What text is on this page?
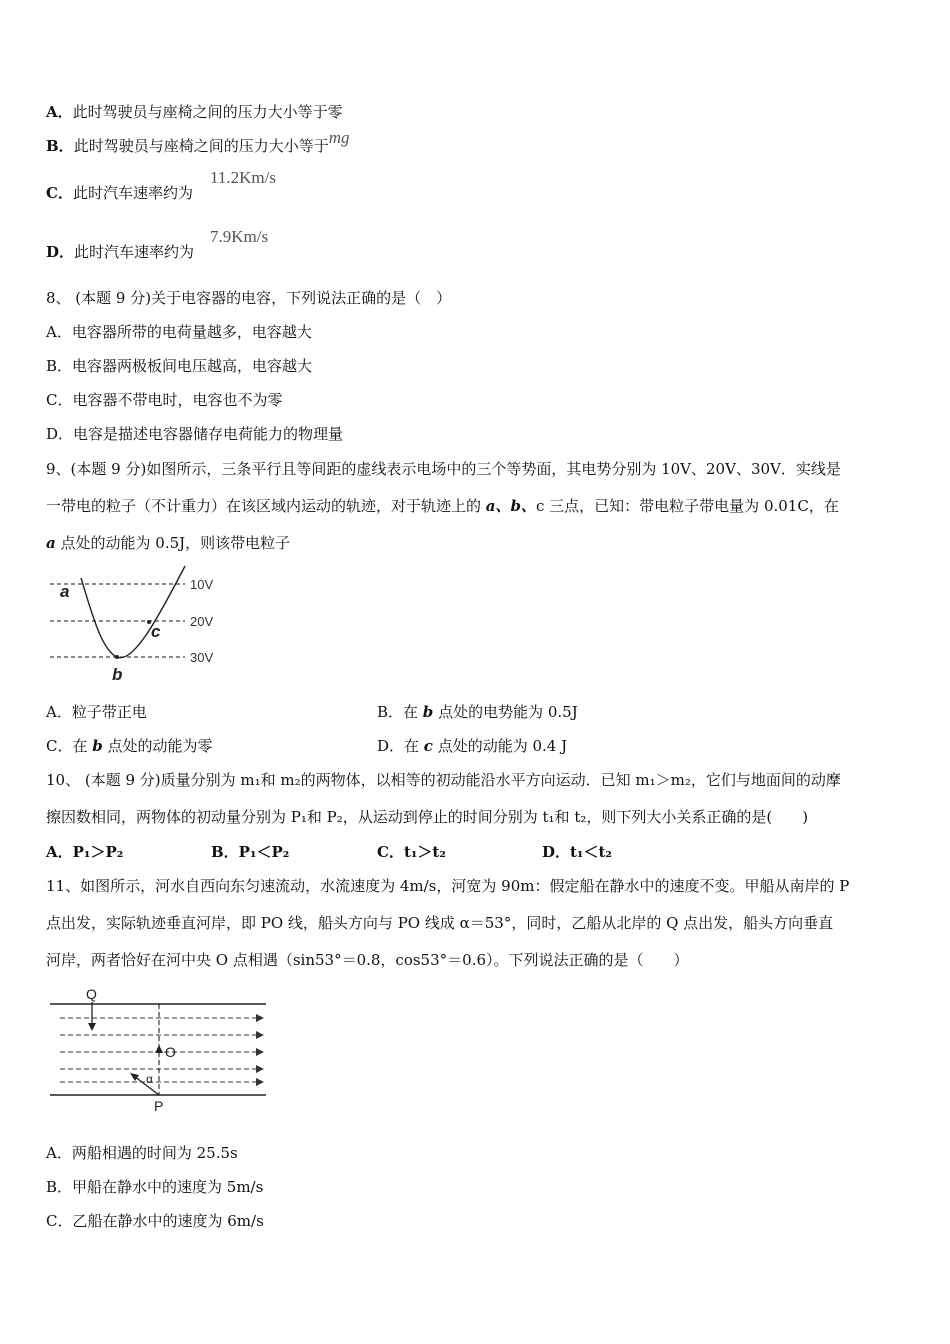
A．此时驾驶员与座椅之间的压力大小等于零
B．此时驾驶员与座椅之间的压力大小等于mg
C．此时汽车速率约为
11.2Km/s
D．此时汽车速率约为
7.9Km/s
8、 (本题 9 分)关于电容器的电容，下列说法正确的是（　）
A．电容器所带的电荷量越多，电容越大
B．电容器两极板间电压越高，电容越大
C．电容器不带电时，电容也不为零
D．电容是描述电容器储存电荷能力的物理量
9、(本题 9 分)如图所示，三条平行且等间距的虚线表示电场中的三个等势面，其电势分别为 10V、20V、30V．实线是
一带电的粒子（不计重力）在该区域内运动的轨迹，对于轨迹上的 a、b、c 三点，已知：带电粒子带电量为 0.01C，在
a 点处的动能为 0.5J，则该带电粒子
10V
20V
30V
a
b
c
A．粒子带正电	B．在 b 点处的电势能为 0.5J
C．在 b 点处的动能为零	D．在 c 点处的动能为 0.4 J
10、 (本题 9 分)质量分别为 m₁和 m₂的两物体，以相等的初动能沿水平方向运动．已知 m₁＞m₂，它们与地面间的动摩
擦因数相同，两物体的初动量分别为 P₁和 P₂，从运动到停止的时间分别为 t₁和 t₂，则下列大小关系正确的是(　　)
A．P₁＞P₂	B．P₁＜P₂	C．t₁＞t₂	D．t₁＜t₂
11、如图所示，河水自西向东匀速流动，水流速度为 4m/s，河宽为 90m：假定船在静水中的速度不变。甲船从南岸的 P
点出发，实际轨迹垂直河岸，即 PO 线，船头方向与 PO 线成 α＝53°，同时，乙船从北岸的 Q 点出发，船头方向垂直
河岸，两者恰好在河中央 O 点相遇（sin53°＝0.8，cos53°＝0.6）。下列说法正确的是（　　）
Q
O
α
P
A．两船相遇的时间为 25.5s
B．甲船在静水中的速度为 5m/s
C．乙船在静水中的速度为 6m/s
